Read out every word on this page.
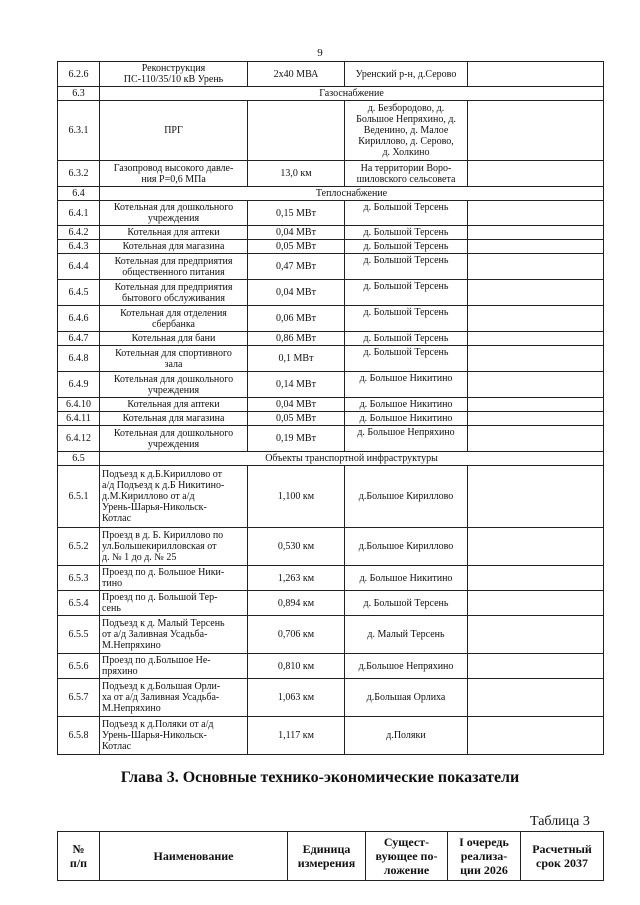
9
6.2.6	Реконструкция
ПС-110/35/10 кВ Урень	2x40 МВА	Уренский р-н, д.Серово	
6.3	Газоснабжение			
6.3.1	ПРГ		д. Безбородово, д.
Большое Непряхино, д.
Веденино, д. Малое
Кириллово, д. Серово,
д. Холкино	
6.3.2	Газопровод высокого давле-
ния P=0,6 МПа	13,0 км	На территории Воро-
шиловского сельсовета	
6.4	Теплоснабжение			
6.4.1	Котельная для дошкольного
учреждения	0,15 МВт	д. Большой Терсень	
6.4.2	Котельная для аптеки	0,04 МВт	д. Большой Терсень	
6.4.3	Котельная для магазина	0,05 МВт	д. Большой Терсень	
6.4.4	Котельная для предприятия
общественного питания	0,47 МВт	д. Большой Терсень	
6.4.5	Котельная для предприятия
бытового обслуживания	0,04 МВт	д. Большой Терсень	
6.4.6	Котельная для отделения
сбербанка	0,06 МВт	д. Большой Терсень	
6.4.7	Котельная для бани	0,86 МВт	д. Большой Терсень	
6.4.8	Котельная для спортивного
зала	0,1 МВт	д. Большой Терсень	
6.4.9	Котельная для дошкольного
учреждения	0,14 МВт	д. Большое Никитино	
6.4.10	Котельная для аптеки	0,04 МВт	д. Большое Никитино	
6.4.11	Котельная для магазина	0,05 МВт	д. Большое Никитино	
6.4.12	Котельная для дошкольного
учреждения	0,19 МВт	д. Большое Непряхино	
6.5	Объекты транспортной инфраструктуры			
6.5.1	Подъезд к д.Б.Кириллово от
а/д Подъезд к д.Б Никитино-
д.М.Кириллово от а/д
Урень-Шарья-Никольск-
Котлас	1,100 км	д.Большое Кириллово	
6.5.2	Проезд в д. Б. Кириллово по
ул.Большекирилловская от
д. № 1 до д. № 25	0,530 км	д.Большое Кириллово	
6.5.3	Проезд по д. Большое Ники-
тино	1,263 км	д. Большое Никитино	
6.5.4	Проезд по д. Большой Тер-
сень	0,894 км	д. Большой Терсень	
6.5.5	Подъезд к д. Малый Терсень
от а/д Заливная Усадьба-
М.Непряхино	0,706 км	д. Малый Терсень	
6.5.6	Проезд по д.Большое Не-
пряхино	0,810 км	д.Большое Непряхино	
6.5.7	Подъезд к д.Большая Орли-
ха от а/д Заливная Усадьба-
М.Непряхино	1,063 км	д.Большая Орлиха	
6.5.8	Подъезд к д.Поляки от а/д
Урень-Шарья-Никольск-
Котлас	1,117 км	д.Поляки	
Глава 3. Основные технико-экономические показатели
Таблица 3
№
п/п	Наименование	Единица
измерения	Сущест-
вующее по-
ложение	I очередь
реализа-
ции 2026	Расчетный
срок 2037
